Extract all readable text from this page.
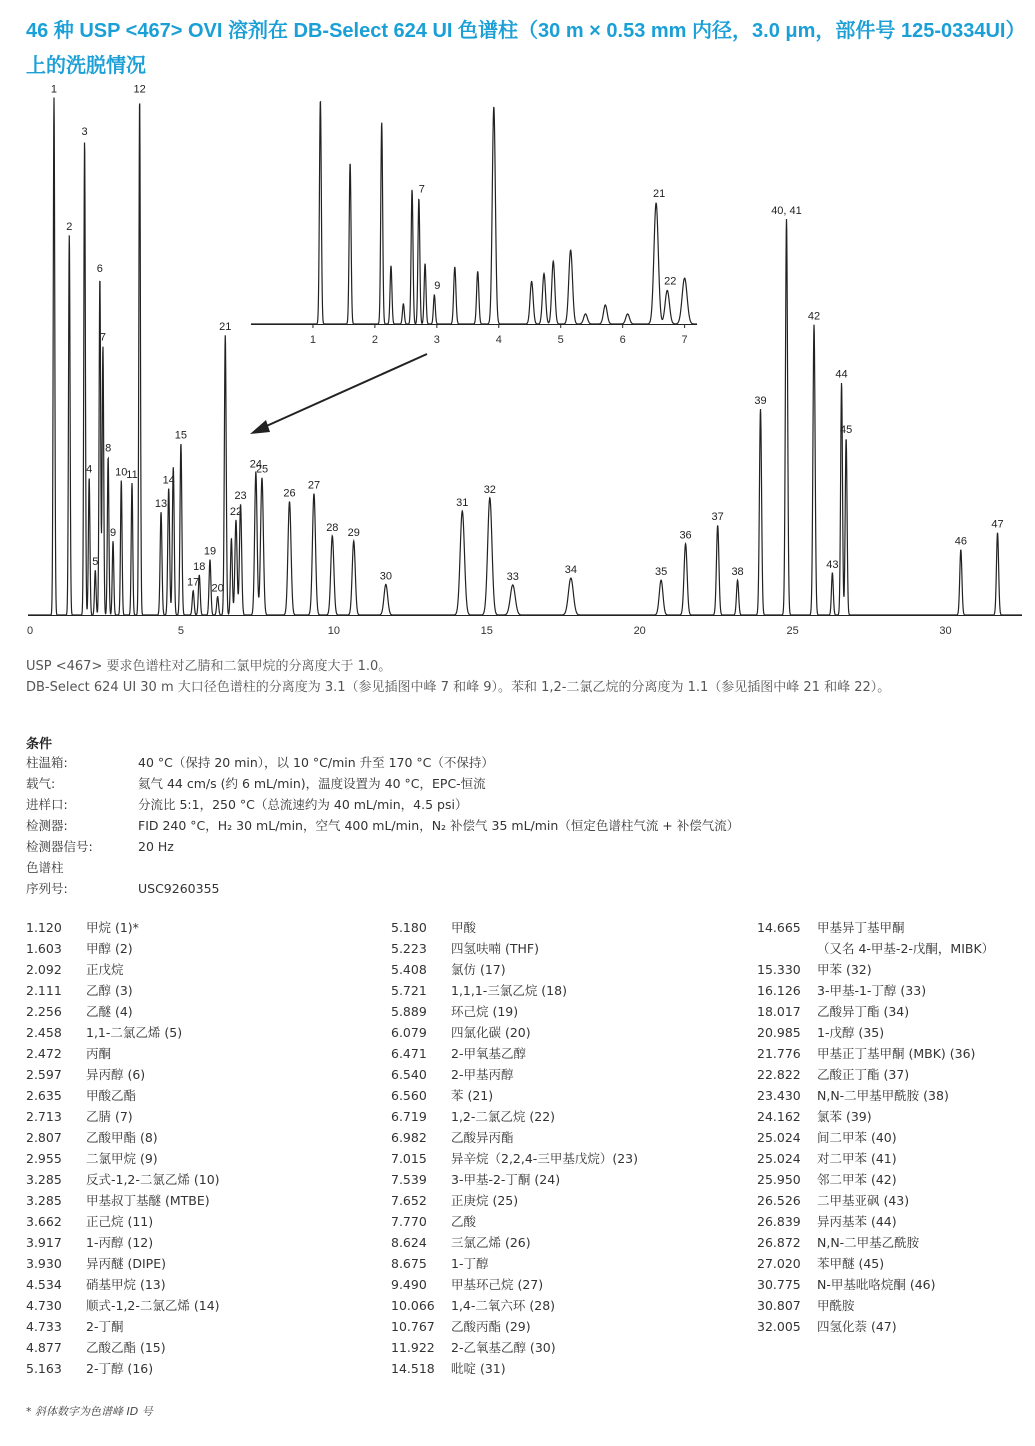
46 种 USP <467> OVI 溶剂在 DB-Select 624 UI 色谱柱（30 m × 0.53 mm 内径，3.0 μm，部件号 125-0334UI）上的洗脱情况
0	5	10	15	20	25	30
1
2
3
4
5
6
7
8
9
10
11
12
13
14
15
17
18
19
20
21
22
23
24
25
26
27
28 29
30
31
32
33
34	35
36
37
38
39
40, 41
42
43
44
45
46
47
1	2	3	4	5	6	7
7
9
21
22
USP <467> 要求色谱柱对乙腈和二氯甲烷的分离度大于 1.0。
DB-Select 624 UI 30 m 大口径色谱柱的分离度为 3.1（参见插图中峰 7 和峰 9）。苯和 1,2-二氯乙烷的分离度为 1.1（参见插图中峰 21 和峰 22）。
条件
柱温箱:	40 °C（保持 20 min），以 10 °C/min 升至 170 °C（不保持）
载气:	氦气 44 cm/s (约 6 mL/min)，温度设置为 40 °C，EPC-恒流
进样口:	分流比 5:1，250 °C（总流速约为 40 mL/min，4.5 psi）
检测器:	FID 240 °C，H₂ 30 mL/min，空气 400 mL/min，N₂ 补偿气 35 mL/min（恒定色谱柱气流 + 补偿气流）
检测器信号:	20 Hz
色谱柱
序列号:	USC9260355
1.120 甲烷 (1)*
1.603 甲醇 (2)
2.092 正戊烷
2.111 乙醇 (3)
2.256 乙醚 (4)
2.458 1,1-二氯乙烯 (5)
2.472 丙酮
2.597 异丙醇 (6)
2.635 甲酸乙酯
2.713 乙腈 (7)
2.807 乙酸甲酯 (8)
2.955 二氯甲烷 (9)
3.285 反式-1,2-二氯乙烯 (10)
3.285 甲基叔丁基醚 (MTBE)
3.662 正己烷 (11)
3.917 1-丙醇 (12)
3.930 异丙醚 (DIPE)
4.534 硝基甲烷 (13)
4.730 顺式-1,2-二氯乙烯 (14)
4.733 2-丁酮
4.877 乙酸乙酯 (15)
5.163 2-丁醇 (16)
5.180 甲酸
5.223 四氢呋喃 (THF)
5.408 氯仿 (17)
5.721 1,1,1-三氯乙烷 (18)
5.889 环己烷 (19)
6.079 四氯化碳 (20)
6.471 2-甲氧基乙醇
6.540 2-甲基丙醇
6.560 苯 (21)
6.719 1,2-二氯乙烷 (22)
6.982 乙酸异丙酯
7.015 异辛烷（2,2,4-三甲基戊烷）(23)
7.539 3-甲基-2-丁酮 (24)
7.652 正庚烷 (25)
7.770 乙酸
8.624 三氯乙烯 (26)
8.675 1-丁醇
9.490 甲基环己烷 (27)
10.066 1,4-二氧六环 (28)
10.767 乙酸丙酯 (29)
11.922 2-乙氧基乙醇 (30)
14.518 吡啶 (31)
14.665 甲基异丁基甲酮
（又名 4-甲基-2-戊酮，MIBK）
15.330 甲苯 (32)
16.126 3-甲基-1-丁醇 (33)
18.017 乙酸异丁酯 (34)
20.985 1-戊醇 (35)
21.776 甲基正丁基甲酮 (MBK) (36)
22.822 乙酸正丁酯 (37)
23.430 N,N-二甲基甲酰胺 (38)
24.162 氯苯 (39)
25.024 间二甲苯 (40)
25.024 对二甲苯 (41)
25.950 邻二甲苯 (42)
26.526 二甲基亚砜 (43)
26.839 异丙基苯 (44)
26.872 N,N-二甲基乙酰胺
27.020 苯甲醚 (45)
30.775 N-甲基吡咯烷酮 (46)
30.807 甲酰胺
32.005 四氢化萘 (47)
* 斜体数字为色谱峰 ID 号
